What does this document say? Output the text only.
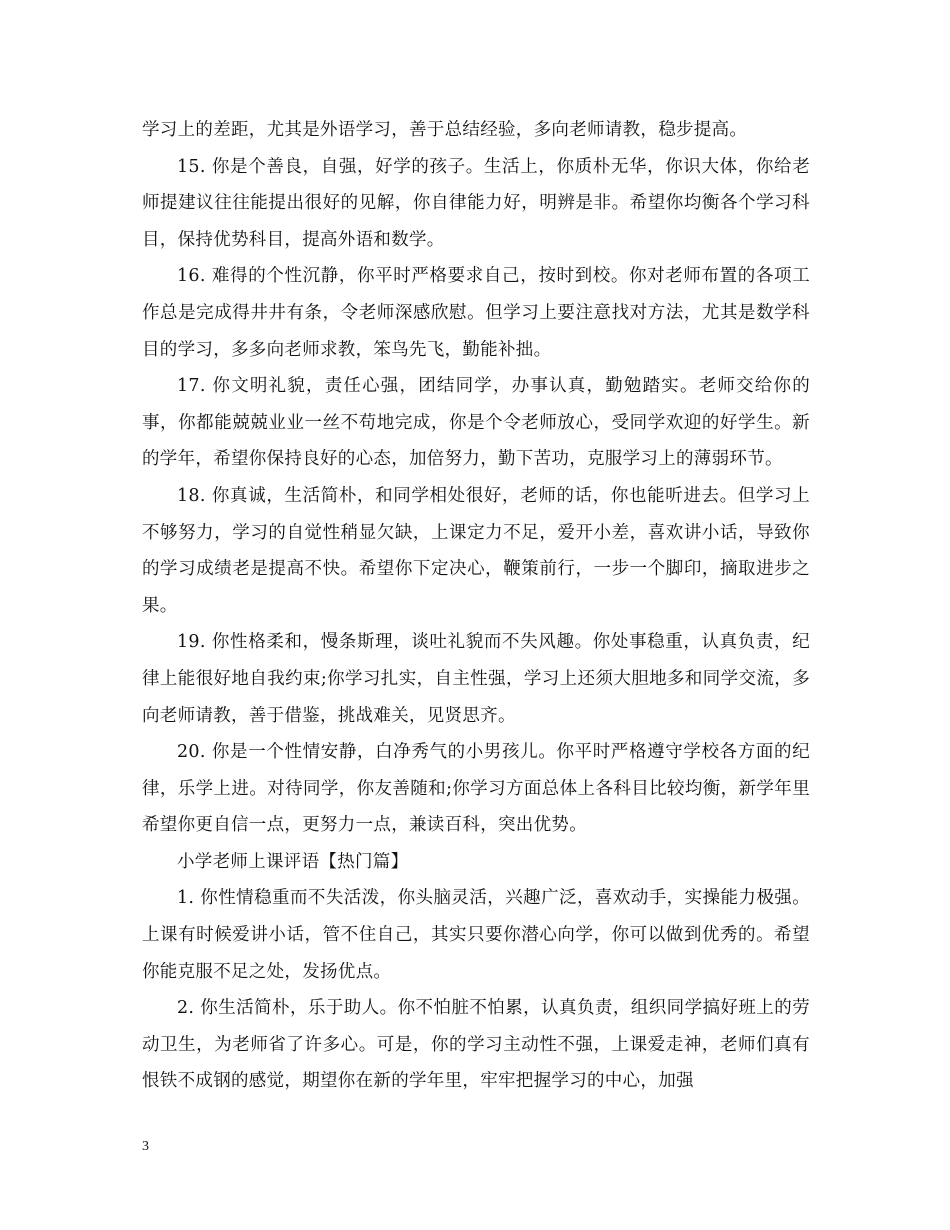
学习上的差距，尤其是外语学习，善于总结经验，多向老师请教，稳步提高。

15. 你是个善良，自强，好学的孩子。生活上，你质朴无华，你识大体，你给老师提建议往往能提出很好的见解，你自律能力好，明辨是非。希望你均衡各个学习科目，保持优势科目，提高外语和数学。

16. 难得的个性沉静，你平时严格要求自己，按时到校。你对老师布置的各项工作总是完成得井井有条，令老师深感欣慰。但学习上要注意找对方法，尤其是数学科目的学习，多多向老师求教，笨鸟先飞，勤能补拙。

17. 你文明礼貌，责任心强，团结同学，办事认真，勤勉踏实。老师交给你的事，你都能兢兢业业一丝不苟地完成，你是个令老师放心，受同学欢迎的好学生。新的学年，希望你保持良好的心态，加倍努力，勤下苦功，克服学习上的薄弱环节。

18. 你真诚，生活简朴，和同学相处很好，老师的话，你也能听进去。但学习上不够努力，学习的自觉性稍显欠缺，上课定力不足，爱开小差，喜欢讲小话，导致你的学习成绩老是提高不快。希望你下定决心，鞭策前行，一步一个脚印，摘取进步之果。

19. 你性格柔和，慢条斯理，谈吐礼貌而不失风趣。你处事稳重，认真负责，纪律上能很好地自我约束;你学习扎实，自主性强，学习上还须大胆地多和同学交流，多向老师请教，善于借鉴，挑战难关，见贤思齐。

20. 你是一个性情安静，白净秀气的小男孩儿。你平时严格遵守学校各方面的纪律，乐学上进。对待同学，你友善随和;你学习方面总体上各科目比较均衡，新学年里希望你更自信一点，更努力一点，兼读百科，突出优势。

小学老师上课评语【热门篇】

1. 你性情稳重而不失活泼，你头脑灵活，兴趣广泛，喜欢动手，实操能力极强。上课有时候爱讲小话，管不住自己，其实只要你潜心向学，你可以做到优秀的。希望你能克服不足之处，发扬优点。

2. 你生活简朴，乐于助人。你不怕脏不怕累，认真负责，组织同学搞好班上的劳动卫生，为老师省了许多心。可是，你的学习主动性不强，上课爱走神，老师们真有恨铁不成钢的感觉，期望你在新的学年里，牢牢把握学习的中心，加强

3
